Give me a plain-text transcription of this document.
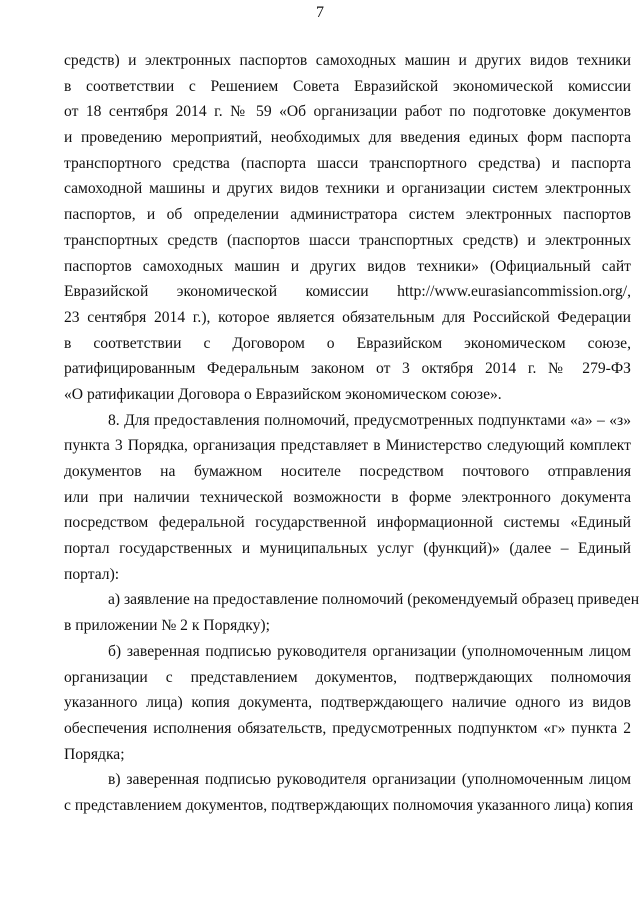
7
средств) и электронных паспортов самоходных машин и других видов техники
в соответствии с Решением Совета Евразийской экономической комиссии
от 18 сентября 2014 г. № 59 «Об организации работ по подготовке документов
и проведению мероприятий, необходимых для введения единых форм паспорта
транспортного средства (паспорта шасси транспортного средства) и паспорта
самоходной машины и других видов техники и организации систем электронных
паспортов, и об определении администратора систем электронных паспортов
транспортных средств (паспортов шасси транспортных средств) и электронных
паспортов самоходных машин и других видов техники» (Официальный сайт
Евразийской экономической комиссии http://www.eurasiancommission.org/,
23 сентября 2014 г.), которое является обязательным для Российской Федерации
в соответствии с Договором о Евразийском экономическом союзе,
ратифицированным Федеральным законом от 3 октября 2014 г. № 279-ФЗ
«О ратификации Договора о Евразийском экономическом союзе».
8. Для предоставления полномочий, предусмотренных подпунктами «а» – «з»
пункта 3 Порядка, организация представляет в Министерство следующий комплект
документов на бумажном носителе посредством почтового отправления
или при наличии технической возможности в форме электронного документа
посредством федеральной государственной информационной системы «Единый
портал государственных и муниципальных услуг (функций)» (далее – Единый
портал):
а) заявление на предоставление полномочий (рекомендуемый образец приведен
в приложении № 2 к Порядку);
б) заверенная подписью руководителя организации (уполномоченным лицом
организации с представлением документов, подтверждающих полномочия
указанного лица) копия документа, подтверждающего наличие одного из видов
обеспечения исполнения обязательств, предусмотренных подпунктом «г» пункта 2
Порядка;
в) заверенная подписью руководителя организации (уполномоченным лицом
с представлением документов, подтверждающих полномочия указанного лица) копия
